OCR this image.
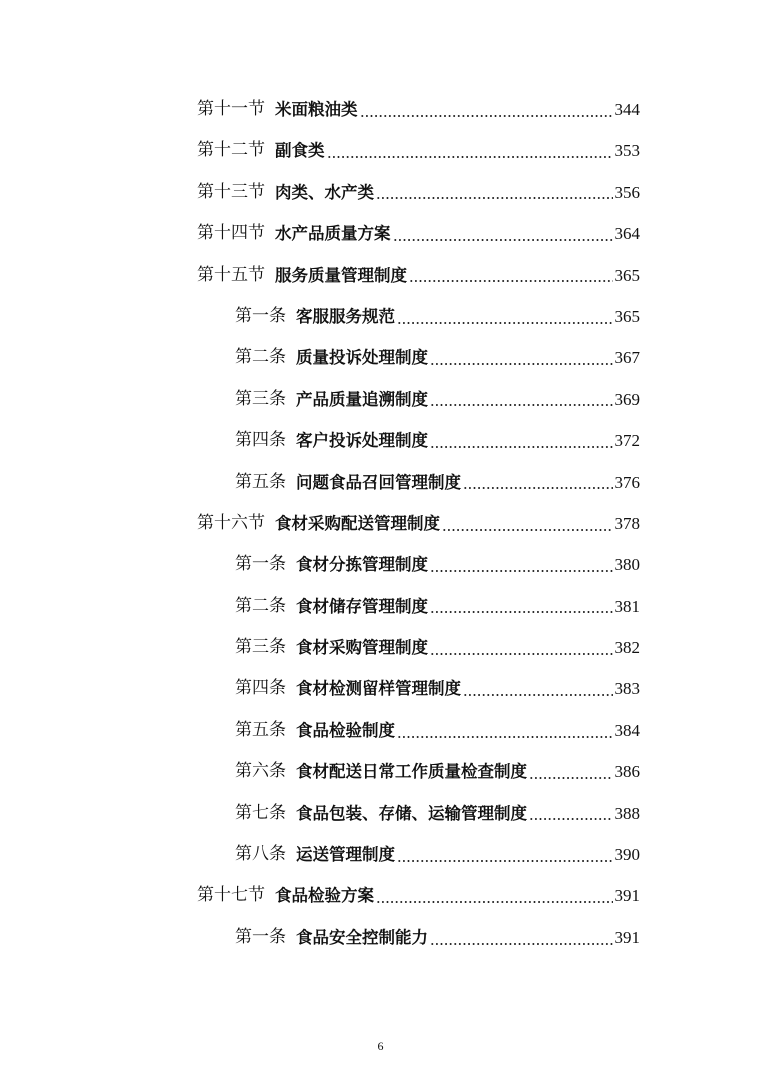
第十一节 米面粮油类	344
第十二节 副食类	353
第十三节 肉类、水产类	356
第十四节 水产品质量方案	364
第十五节 服务质量管理制度	365
第一条 客服服务规范	365
第二条 质量投诉处理制度	367
第三条 产品质量追溯制度	369
第四条 客户投诉处理制度	372
第五条 问题食品召回管理制度	376
第十六节 食材采购配送管理制度	378
第一条 食材分拣管理制度	380
第二条 食材储存管理制度	381
第三条 食材采购管理制度	382
第四条 食材检测留样管理制度	383
第五条 食品检验制度	384
第六条 食材配送日常工作质量检查制度	386
第七条 食品包装、存储、运输管理制度	388
第八条 运送管理制度	390
第十七节 食品检验方案	391
第一条 食品安全控制能力	391
6
